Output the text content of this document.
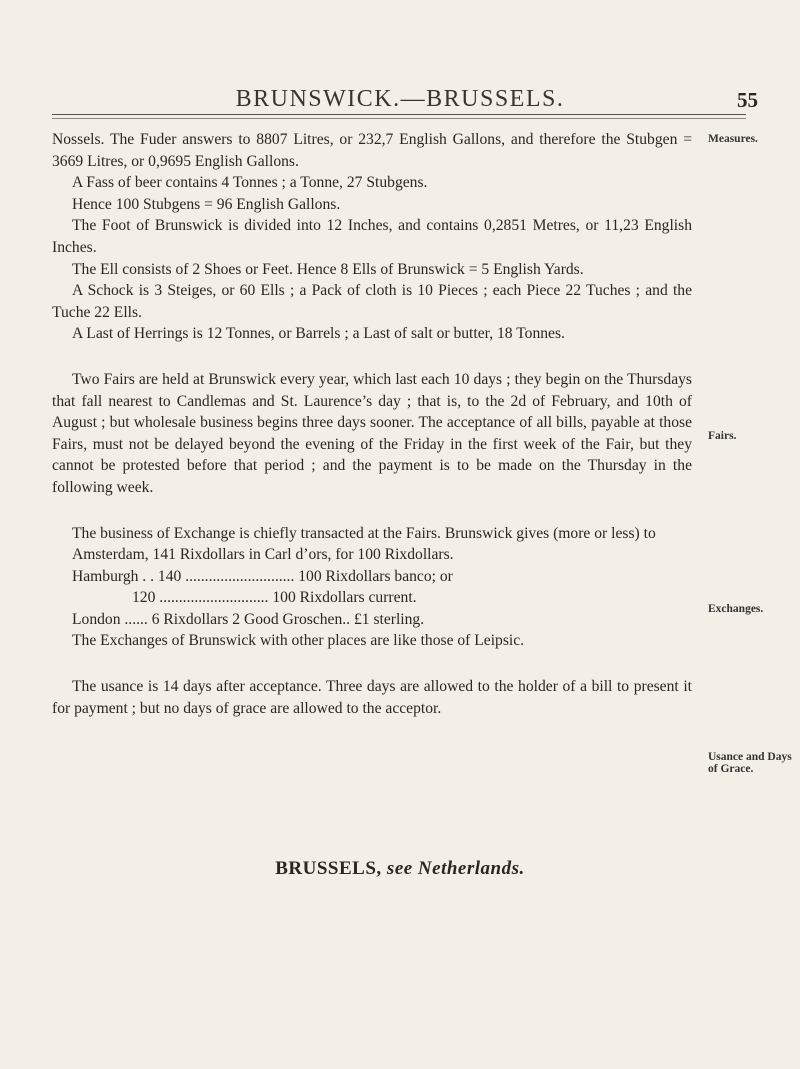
BRUNSWICK.—BRUSSELS.	55
Measures.
Fairs.
Exchanges.
Usance and Days of Grace.

Nossels. The Fuder answers to 8807 Litres, or 232,7 English Gallons, and therefore the Stubgen = 3669 Litres, or 0,9695 English Gallons.

A Fass of beer contains 4 Tonnes ; a Tonne, 27 Stubgens.

Hence 100 Stubgens = 96 English Gallons.

The Foot of Brunswick is divided into 12 Inches, and contains 0,2851 Metres, or 11,23 English Inches.

The Ell consists of 2 Shoes or Feet. Hence 8 Ells of Brunswick = 5 English Yards.

A Schock is 3 Steiges, or 60 Ells ; a Pack of cloth is 10 Pieces ; each Piece 22 Tuches ; and the Tuche 22 Ells.

A Last of Herrings is 12 Tonnes, or Barrels ; a Last of salt or butter, 18 Tonnes.

Two Fairs are held at Brunswick every year, which last each 10 days ; they begin on the Thursdays that fall nearest to Candlemas and St. Laurence’s day ; that is, to the 2d of February, and 10th of August ; but wholesale business begins three days sooner. The acceptance of all bills, payable at those Fairs, must not be delayed beyond the evening of the Friday in the first week of the Fair, but they cannot be protested before that period ; and the payment is to be made on the Thursday in the following week.

The business of Exchange is chiefly transacted at the Fairs. Brunswick gives (more or less) to

Amsterdam, 141 Rixdollars in Carl d’ors, for 100 Rixdollars.

Hamburgh . . 140 ............................ 100 Rixdollars banco; or

120 ............................ 100 Rixdollars current.

London ...... 6 Rixdollars 2 Good Groschen.. £1 sterling.

The Exchanges of Brunswick with other places are like those of Leipsic.

The usance is 14 days after acceptance. Three days are allowed to the holder of a bill to present it for payment ; but no days of grace are allowed to the acceptor.

BRUSSELS, see Netherlands.
